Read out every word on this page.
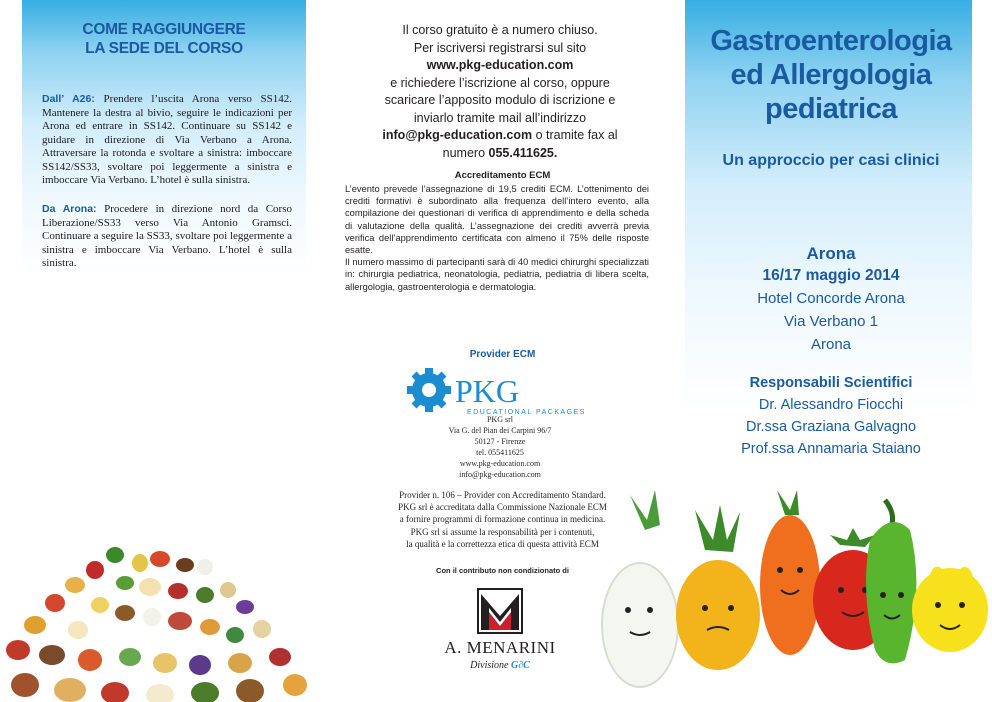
COME RAGGIUNGERE
LA SEDE DEL CORSO
Dall’ A26: Prendere l’uscita Arona verso SS142. Mantenere la destra al bivio, seguire le indicazioni per Arona ed entrare in SS142. Continuare su SS142 e guidare in direzione di Via Verbano a Arona. Attraversare la rotonda e svoltare a sinistra: imboccare SS142/SS33, svoltare poi leggermente a sinistra e imboccare Via Verbano. L’hotel è sulla sinistra.
Da Arona: Procedere in direzione nord da Corso Liberazione/SS33 verso Via Antonio Gramsci. Continuare a seguire la SS33, svoltare poi leggermente a sinistra e imboccare Via Verbano. L’hotel è sulla sinistra.
Il corso gratuito è a numero chiuso.
Per iscriversi registrarsi sul sito
www.pkg-education.com
e richiedere l’iscrizione al corso, oppure
scaricare l’apposito modulo di iscrizione e
inviarlo tramite mail all’indirizzo
info@pkg-education.com o tramite fax al
numero 055.411625.
Accreditamento ECM
L’evento prevede l’assegnazione di 19,5 crediti ECM. L’ottenimento dei crediti formativi è subordinato alla frequenza dell’intero evento, alla compilazione dei questionari di verifica di apprendimento e della scheda di valutazione della qualità. L’assegnazione dei crediti avverrà previa verifica dell’apprendimento certificata con almeno il 75% delle risposte esatte.
Il numero massimo di partecipanti sarà di 40 medici chirurghi specializzati in: chirurgia pediatrica, neonatologia, pediatria, pediatria di libera scelta, allergologia, gastroenterologia e dermatologia.
Provider ECM
PKG
EDUCATIONAL PACKAGES
PKG srl
Via G. del Pian dei Carpini 96/7
50127 - Firenze
tel. 055411625
www.pkg-education.com
info@pkg-education.com
Provider n. 106 – Provider con Accreditamento Standard.
PKG srl è accreditata dalla Commissione Nazionale ECM
a fornire programmi di formazione continua in medicina.
PKG srl si assume la responsabilità per i contenuti,
la qualità e la correttezza etica di questa attività ECM
Con il contributo non condizionato di
A. MENARINI
Divisione G∂C
Gastroenterologia
ed Allergologia
pediatrica
Un approccio per casi clinici
Arona
16/17 maggio 2014
Hotel Concorde Arona
Via Verbano 1
Arona
Responsabili Scientifici
Dr. Alessandro Fiocchi
Dr.ssa Graziana Galvagno
Prof.ssa Annamaria Staiano
